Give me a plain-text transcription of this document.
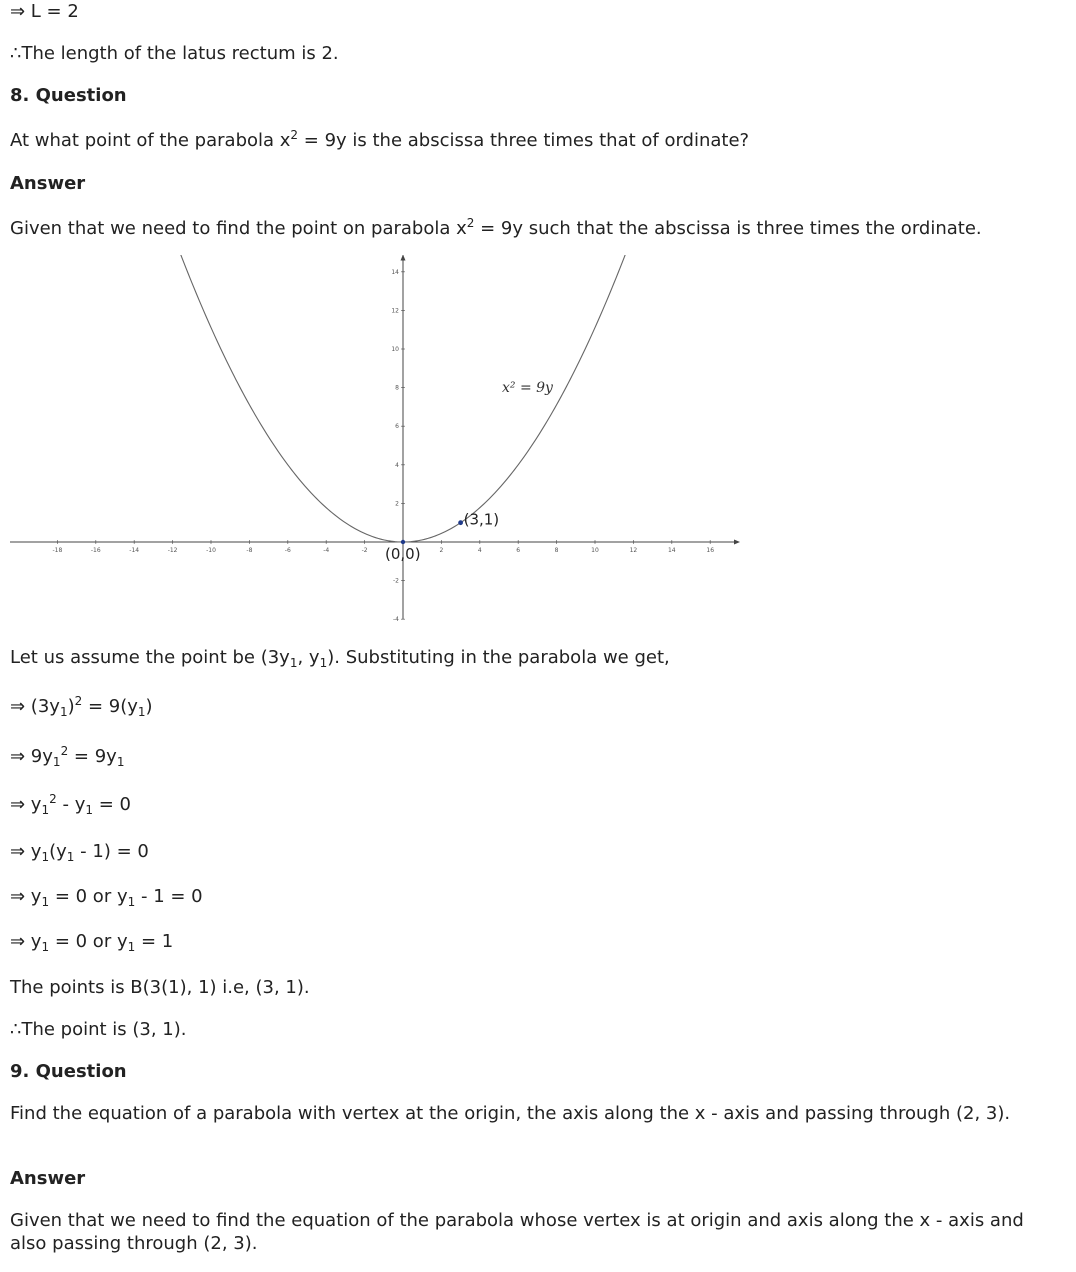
⇒ L = 2
∴The length of the latus rectum is 2.
8. Question
At what point of the parabola $x^2 = 9y$ is the abscissa three times that of ordinate?
Answer
Given that we need to find the point on parabola $x^2 = 9y$ such that the abscissa is three times the ordinate.
-18	-16	-14	-12	-10	-8	-6	-4	-2	2	4	6	8	10	12	14	16
14
12
10
8
6
4
2
-2
-4
(0,0)
(3,1)
x² = 9y
Let us assume the point be ($3y_1$, $y_1$). Substituting in the parabola we get,
⇒ $(3y_1)^2 = 9(y_1)$
⇒ $9y_1^2 = 9y_1$
⇒ $y_1^2 - y_1 = 0$
⇒ $y_1(y_1 - 1) = 0$
⇒ $y_1 = 0$ or $y_1 - 1 = 0$
⇒ $y_1 = 0$ or $y_1 = 1$
The points is B(3(1), 1) i.e, (3, 1).
∴The point is (3, 1).
9. Question
Find the equation of a parabola with vertex at the origin, the axis along the x - axis and passing through (2, 3).
Answer
Given that we need to find the equation of the parabola whose vertex is at origin and axis along the x - axis and also passing through (2, 3).
